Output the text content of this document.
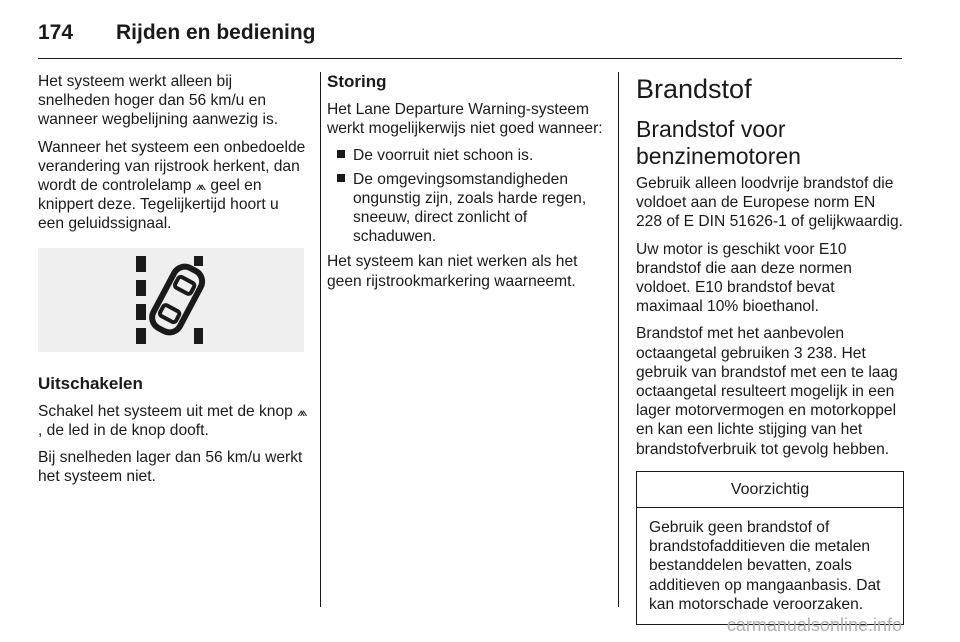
174	Rijden en bediening

Het systeem werkt alleen bij snelheden hoger dan 56 km/u en wanneer wegbelijning aanwezig is.

Wanneer het systeem een onbedoelde verandering van rijstrook herkent, dan wordt de controlelamp ⩕ geel en knippert deze. Tegelijkertijd hoort u een geluidssignaal.

Uitschakelen

Schakel het systeem uit met de knop ⩕, de led in de knop dooft.

Bij snelheden lager dan 56 km/u werkt het systeem niet.

Storing

Het Lane Departure Warning-systeem werkt mogelijkerwijs niet goed wanneer:

De voorruit niet schoon is.
De omgevingsomstandigheden ongunstig zijn, zoals harde regen, sneeuw, direct zonlicht of schaduwen.

Het systeem kan niet werken als het geen rijstrookmarkering waarneemt.

Brandstof
Brandstof voor benzinemotoren

Gebruik alleen loodvrije brandstof die voldoet aan de Europese norm EN 228 of E DIN 51626-1 of gelijkwaardig.

Uw motor is geschikt voor E10 brandstof die aan deze normen voldoet. E10 brandstof bevat maximaal 10% bioethanol.

Brandstof met het aanbevolen octaangetal gebruiken 3 238. Het gebruik van brandstof met een te laag octaangetal resulteert mogelijk in een lager motorvermogen en motorkoppel en kan een lichte stijging van het brandstofverbruik tot gevolg hebben.

Voorzichtig
Gebruik geen brandstof of brandstofadditieven die metalen bestanddelen bevatten, zoals additieven op mangaanbasis. Dat kan motorschade veroorzaken.
carmanualsonline.info
